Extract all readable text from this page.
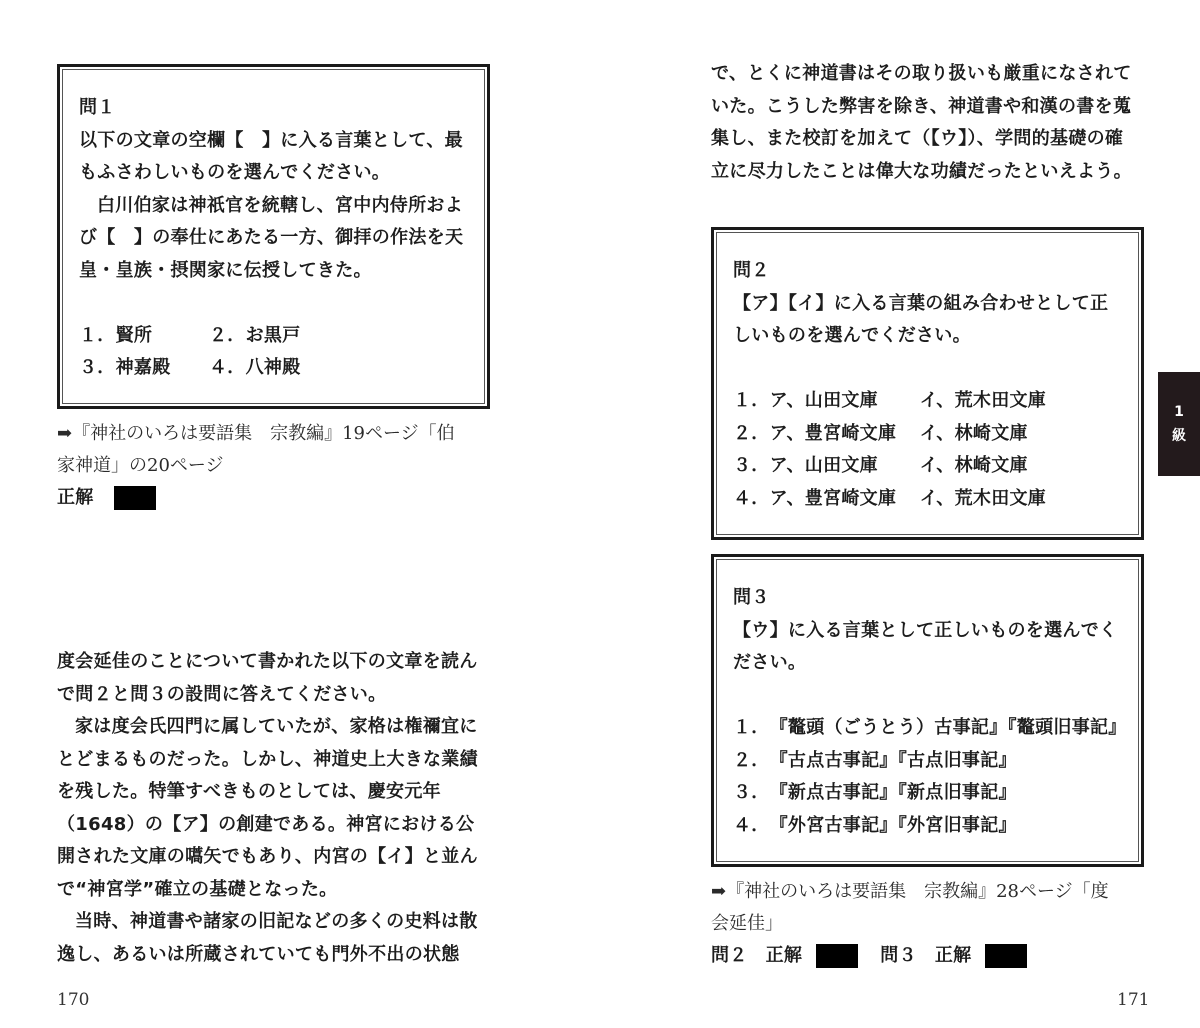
問１
以下の文章の空欄【　】に入る言葉として、最
もふさわしいものを選んでください。
白川伯家は神祇官を統轄し、宮中内侍所およ
び【　】の奉仕にあたる一方、御拝の作法を天
皇・皇族・摂関家に伝授してきた。
１．賢所	２．お黒戸
３．神嘉殿	４．八神殿
➡『神社のいろは要語集　宗教編』19ページ「伯
家神道」の20ページ
正解
度会延佳のことについて書かれた以下の文章を読ん
で問２と問３の設問に答えてください。
家は度会氏四門に属していたが、家格は権禰宜に
とどまるものだった。しかし、神道史上大きな業績
を残した。特筆すべきものとしては、慶安元年
（1648）の【ア】の創建である。神宮における公
開された文庫の嚆矢でもあり、内宮の【イ】と並ん
で“神宮学”確立の基礎となった。
当時、神道書や諸家の旧記などの多くの史料は散
逸し、あるいは所蔵されていても門外不出の状態
170
で、とくに神道書はその取り扱いも厳重になされて
いた。こうした弊害を除き、神道書や和漢の書を蒐
集し、また校訂を加えて（【ウ】）、学問的基礎の確
立に尽力したことは偉大な功績だったといえよう。
問２
【ア】【イ】に入る言葉の組み合わせとして正
しいものを選んでください。
１． ア、山田文庫	イ、荒木田文庫
２． ア、豊宮崎文庫	イ、林崎文庫
３． ア、山田文庫	イ、林崎文庫
４． ア、豊宮崎文庫	イ、荒木田文庫
問３
【ウ】に入る言葉として正しいものを選んでく
ださい。
１． 『鼇頭（ごうとう）古事記』『鼇頭旧事記』
２． 『古点古事記』『古点旧事記』
３． 『新点古事記』『新点旧事記』
４． 『外宮古事記』『外宮旧事記』
➡『神社のいろは要語集　宗教編』28ページ「度
会延佳」
問２ 正解	問３ 正解
171
1
級
